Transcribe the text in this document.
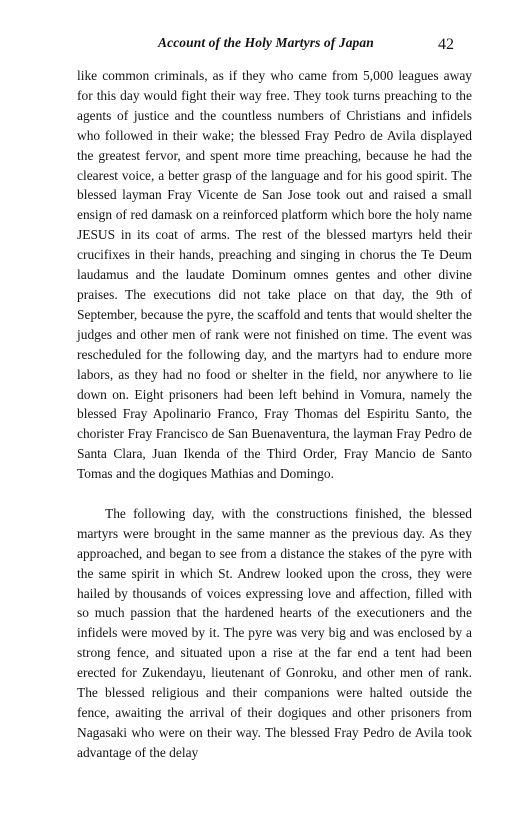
Account of the Holy Martyrs of Japan	42

like common criminals, as if they who came from 5,000 leagues away for this day would fight their way free. They took turns preaching to the agents of justice and the countless numbers of Christians and infidels who followed in their wake; the blessed Fray Pedro de Avila displayed the greatest fervor, and spent more time preaching, because he had the clearest voice, a better grasp of the language and for his good spirit. The blessed layman Fray Vicente de San Jose took out and raised a small ensign of red damask on a reinforced platform which bore the holy name JESUS in its coat of arms. The rest of the blessed martyrs held their crucifixes in their hands, preaching and singing in chorus the Te Deum laudamus and the laudate Dominum omnes gentes and other divine praises. The executions did not take place on that day, the 9th of September, because the pyre, the scaffold and tents that would shelter the judges and other men of rank were not finished on time. The event was rescheduled for the following day, and the martyrs had to endure more labors, as they had no food or shelter in the field, nor anywhere to lie down on. Eight prisoners had been left behind in Vomura, namely the blessed Fray Apolinario Franco, Fray Thomas del Espiritu Santo, the chorister Fray Francisco de San Buenaventura, the layman Fray Pedro de Santa Clara, Juan Ikenda of the Third Order, Fray Mancio de Santo Tomas and the dogiques Mathias and Domingo.

The following day, with the constructions finished, the blessed martyrs were brought in the same manner as the previous day. As they approached, and began to see from a distance the stakes of the pyre with the same spirit in which St. Andrew looked upon the cross, they were hailed by thousands of voices expressing love and affection, filled with so much passion that the hardened hearts of the executioners and the infidels were moved by it. The pyre was very big and was enclosed by a strong fence, and situated upon a rise at the far end a tent had been erected for Zukendayu, lieutenant of Gonroku, and other men of rank. The blessed religious and their companions were halted outside the fence, awaiting the arrival of their dogiques and other prisoners from Nagasaki who were on their way. The blessed Fray Pedro de Avila took advantage of the delay
